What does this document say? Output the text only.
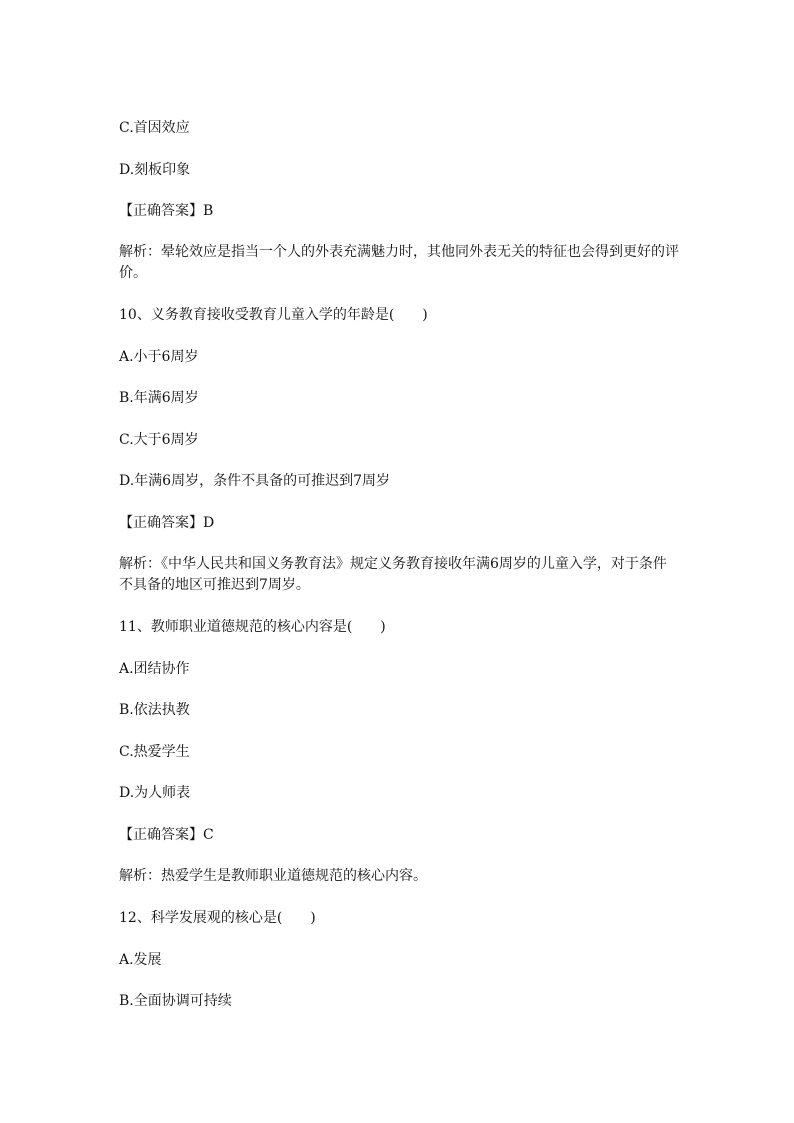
C.首因效应
D.刻板印象
【正确答案】B
解析：晕轮效应是指当一个人的外表充满魅力时，其他同外表无关的特征也会得到更好的评价。
10、义务教育接收受教育儿童入学的年龄是(　　)
A.小于6周岁
B.年满6周岁
C.大于6周岁
D.年满6周岁，条件不具备的可推迟到7周岁
【正确答案】D
解析：《中华人民共和国义务教育法》规定义务教育接收年满6周岁的儿童入学，对于条件不具备的地区可推迟到7周岁。
11、教师职业道德规范的核心内容是(　　)
A.团结协作
B.依法执教
C.热爱学生
D.为人师表
【正确答案】C
解析：热爱学生是教师职业道德规范的核心内容。
12、科学发展观的核心是(　　)
A.发展
B.全面协调可持续
